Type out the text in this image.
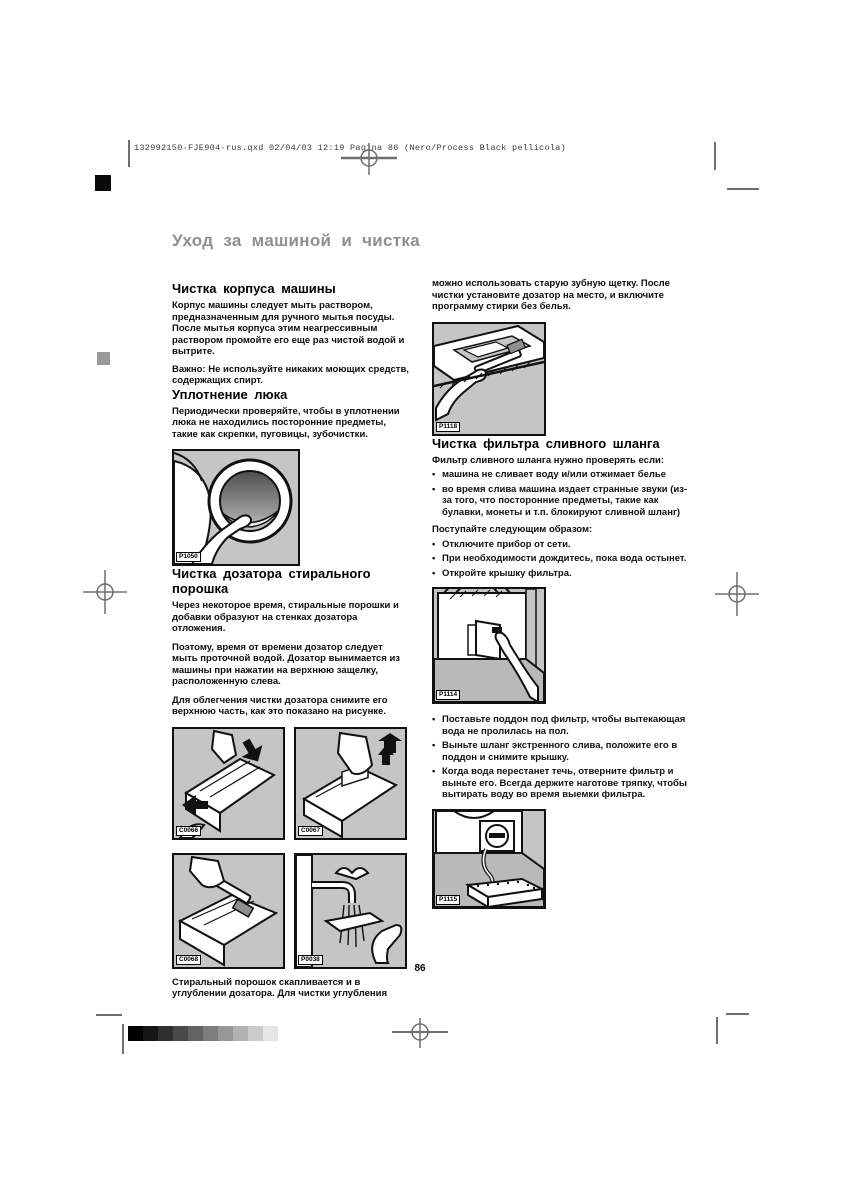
132992150·FJE904·rus.qxd 02/04/03 12:19 Pagina 86 (Nero/Process Black pellicola)
Уход за машиной и чистка
Чистка корпуса машины
Корпус машины следует мыть раствором, предназначенным для ручного мытья посуды. После мытья корпуса этим неагрессивным раствором промойте его еще раз чистой водой и вытрите.
Важно: Не используйте никаких моющих средств, содержащих спирт.
Уплотнение люка
Периодически проверяйте, чтобы в уплотнении люка не находились посторонние предметы, такие как скрепки, пуговицы, зубочистки.
P1050
Чистка дозатора стирального порошка
Через некоторое время, стиральные порошки и добавки образуют на стенках дозатора отложения.
Поэтому, время от времени дозатор следует мыть проточной водой. Дозатор вынимается из машины при нажатии на верхнюю защелку, расположенную слева.
Для облегчения чистки дозатора снимите его верхнюю часть, как это показано на рисунке.
C0066	C0067
C0068	P0038
Стиральный порошок скапливается и в углублении дозатора. Для чистки углубления
можно использовать старую зубную щетку. После чистки установите дозатор на место, и включите программу стирки без белья.
P1118
Чистка фильтра сливного шланга
Фильтр сливного шланга нужно проверять если:
• машина не сливает воду и/или отжимает белье
• во время слива машина издает странные звуки (из-за того, что посторонние предметы, такие как булавки, монеты и т.п. блокируют сливной шланг)
Поступайте следующим образом:
• Отключите прибор от сети.
• При необходимости дождитесь, пока вода остынет.
• Откройте крышку фильтра.
P1114
• Поставьте поддон под фильтр, чтобы вытекающая вода не пролилась на пол.
• Выньте шланг экстренного слива, положите его в поддон и снимите крышку.
• Когда вода перестанет течь, отверните фильтр и выньте его. Всегда держите наготове тряпку, чтобы вытирать воду во время выемки фильтра.
P1115
86
